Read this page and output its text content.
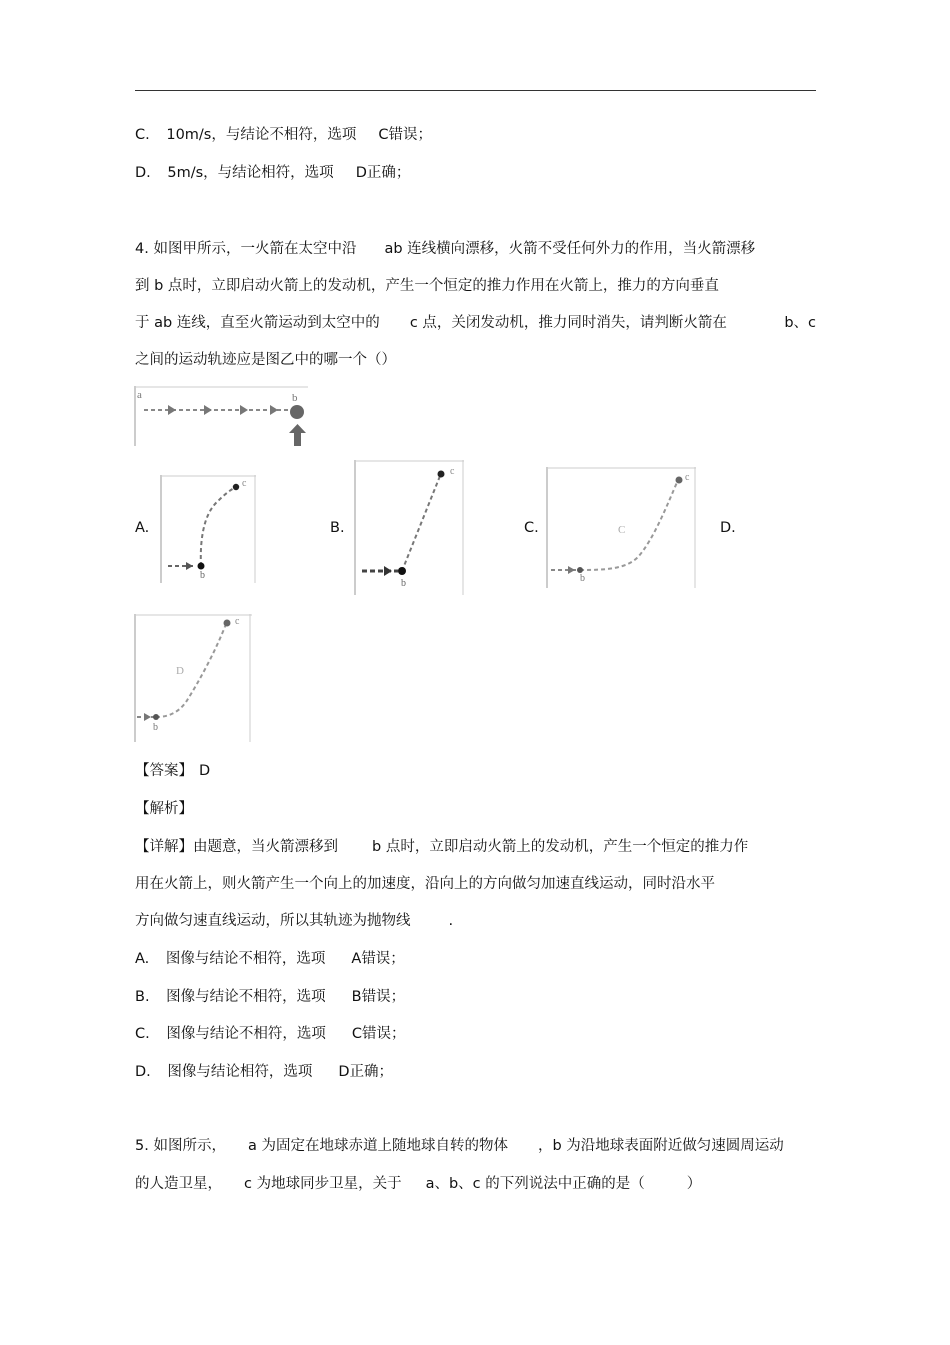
C. 10m/s，与结论不相符，选项 C错误；
D. 5m/s，与结论相符，选项 D正确；
4. 如图甲所示，一火箭在太空中沿 ab 连线横向漂移，火箭不受任何外力的作用，当火箭漂移
到 b 点时，立即启动火箭上的发动机，产生一个恒定的推力作用在火箭上，推力的方向垂直
于 ab 连线，直至火箭运动到太空中的 c 点，关闭发动机，推力同时消失，请判断火箭在	b、c
之间的运动轨迹应是图乙中的哪一个（）
a	b
A.	B.	C.	D.
b
c
b
c
C
b
c
D
b
c
【答案】 D
【解析】
【详解】由题意，当火箭漂移到 b 点时，立即启动火箭上的发动机，产生一个恒定的推力作
用在火箭上，则火箭产生一个向上的加速度，沿向上的方向做匀加速直线运动，同时沿水平
方向做匀速直线运动，所以其轨迹为抛物线	.
A. 图像与结论不相符，选项 A错误；
B. 图像与结论不相符，选项 B错误；
C. 图像与结论不相符，选项 C错误；
D. 图像与结论相符，选项 D正确；
5. 如图所示， a 为固定在地球赤道上随地球自转的物体 ，b 为沿地球表面附近做匀速圆周运动
的人造卫星， c 为地球同步卫星，关于 a、b、c 的下列说法中正确的是（	）
